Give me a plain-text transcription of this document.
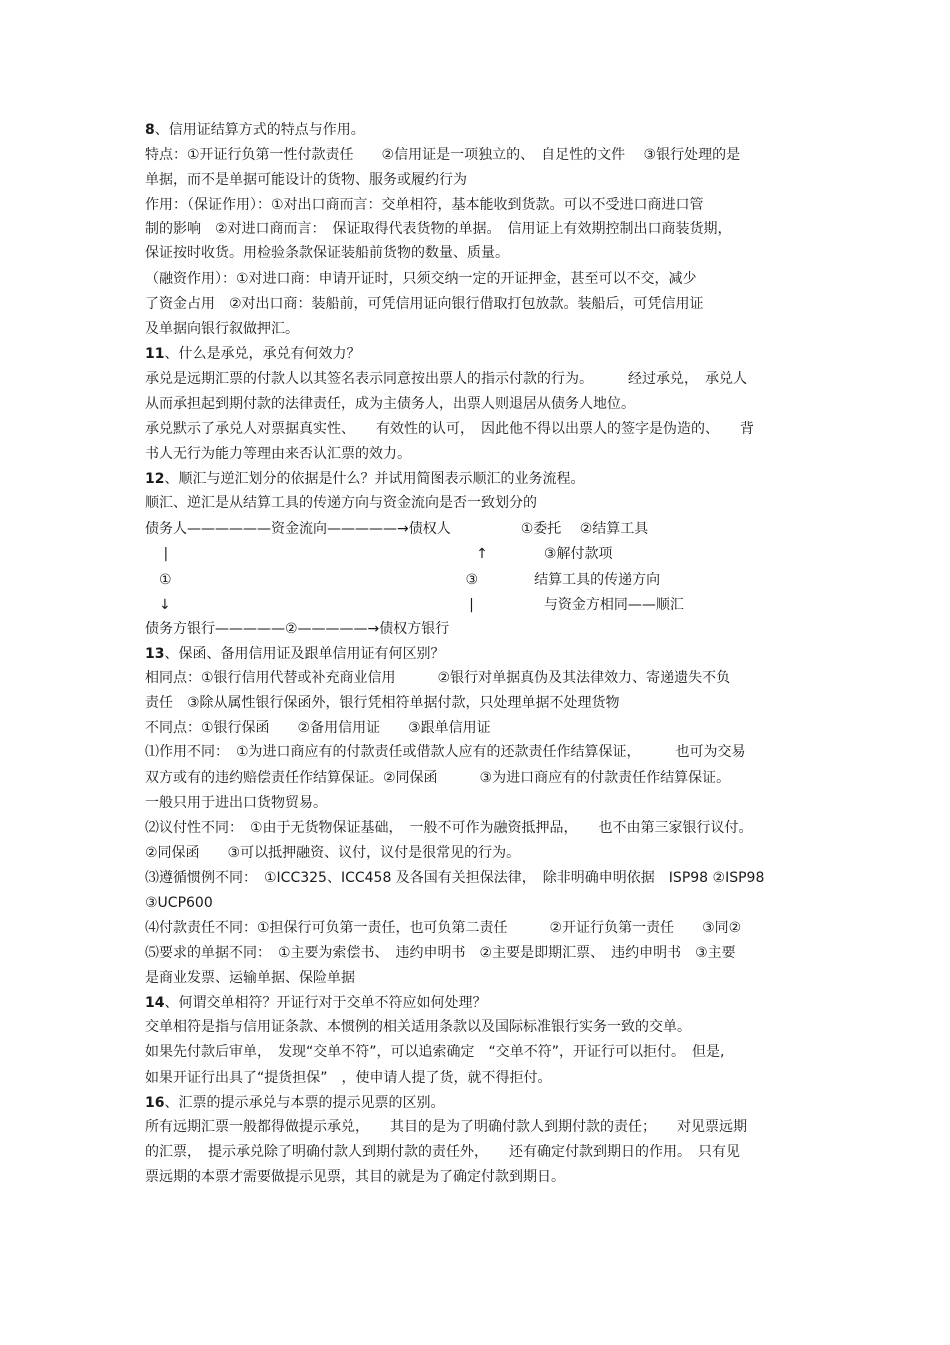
8、信用证结算方式的特点与作用。
特点：①开证行负第一性付款责任　　②信用证是一项独立的、　自足性的文件　 ③银行处理的是
单据，而不是单据可能设计的货物、服务或履约行为
作用：（保证作用）：①对出口商而言：交单相符，基本能收到货款。可以不受进口商进口管
制的影响　②对进口商而言：　保证取得代表货物的单据。　信用证上有效期控制出口商装货期，
保证按时收货。用检验条款保证装船前货物的数量、质量。
（融资作用）：①对进口商：申请开证时，只须交纳一定的开证押金，甚至可以不交，减少
了资金占用　②对出口商：装船前，可凭信用证向银行借取打包放款。装船后，可凭信用证
及单据向银行叙做押汇。
11、什么是承兑，承兑有何效力？
承兑是远期汇票的付款人以其签名表示同意按出票人的指示付款的行为。　　　经过承兑，　承兑人
从而承担起到期付款的法律责任，成为主债务人，出票人则退居从债务人地位。
承兑默示了承兑人对票据真实性、　　有效性的认可，　因此他不得以出票人的签字是伪造的、　　背
书人无行为能力等理由来否认汇票的效力。
12、顺汇与逆汇划分的依据是什么？并试用简图表示顺汇的业务流程。
顺汇、逆汇是从结算工具的传递方向与资金流向是否一致划分的
债务人——————资金流向—————→债权人　　　　　①委托　 ②结算工具
　 |　　　　　　　　　　　　　　　　　　　　　　↑　　　　③解付款项
　①　　　　　　　　　　　　　　　　　　　　　③　　　　结算工具的传递方向
　↓　　　　　　　　　　　　　　　　　　　　　 |　　　　　与资金方相同——顺汇
债务方银行—————②—————→债权方银行
13、保函、备用信用证及跟单信用证有何区别？
相同点：①银行信用代替或补充商业信用　　　②银行对单据真伪及其法律效力、寄递遗失不负
责任　③除从属性银行保函外，银行凭相符单据付款，只处理单据不处理货物
不同点：①银行保函　　②备用信用证　　③跟单信用证
⑴作用不同：　①为进口商应有的付款责任或借款人应有的还款责任作结算保证，　　　也可为交易
双方或有的违约赔偿责任作结算保证。②同保函　　　③为进口商应有的付款责任作结算保证。
一般只用于进出口货物贸易。
⑵议付性不同：　①由于无货物保证基础，　一般不可作为融资抵押品，　　也不由第三家银行议付。
②同保函　　③可以抵押融资、议付，议付是很常见的行为。
⑶遵循惯例不同：　①ICC325、ICC458 及各国有关担保法律，　除非明确申明依据　ISP98 ②ISP98
③UCP600
⑷付款责任不同：①担保行可负第一责任，也可负第二责任　　　②开证行负第一责任　　③同②
⑸要求的单据不同：　①主要为索偿书、　违约申明书　②主要是即期汇票、　违约申明书　③主要
是商业发票、运输单据、保险单据
14、何谓交单相符？开证行对于交单不符应如何处理？
交单相符是指与信用证条款、本惯例的相关适用条款以及国际标准银行实务一致的交单。
如果先付款后审单，　发现“交单不符”，可以追索确定　“交单不符”，开证行可以拒付。　但是,
如果开证行出具了“提货担保”　，使申请人提了货，就不得拒付。
16、汇票的提示承兑与本票的提示见票的区别。
所有远期汇票一般都得做提示承兑，　　其目的是为了明确付款人到期付款的责任；　　对见票远期
的汇票，　提示承兑除了明确付款人到期付款的责任外，　　还有确定付款到期日的作用。　只有见
票远期的本票才需要做提示见票，其目的就是为了确定付款到期日。
